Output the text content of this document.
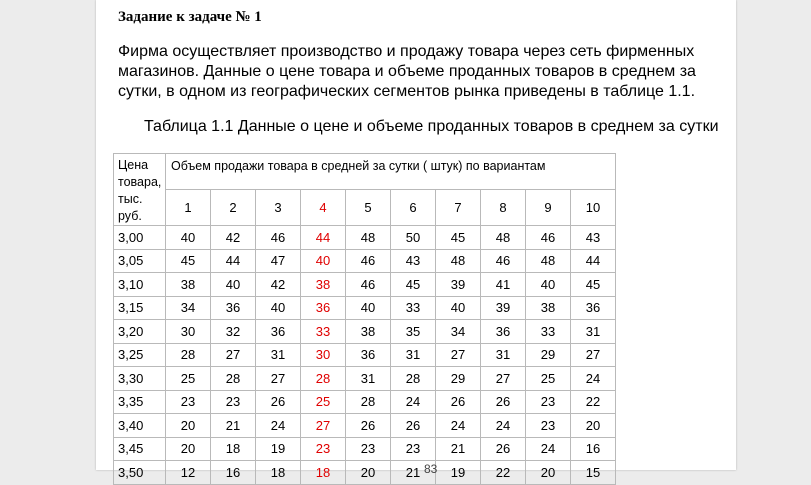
Задание к задаче № 1
Фирма осуществляет производство и продажу товара через сеть фирменных магазинов. Данные о цене товара и объеме проданных товаров в среднем за сутки, в одном из географических сегментов рынка приведены в таблице 1.1.
Таблица 1.1 Данные о цене и объеме проданных товаров в среднем за сутки
Цена товара, тыс. руб.	Объем продажи товара в средней за сутки ( штук) по вариантам									
	1	2	3	4	5	6	7	8	9	10
3,00	40	42	46	44	48	50	45	48	46	43
3,05	45	44	47	40	46	43	48	46	48	44
3,10	38	40	42	38	46	45	39	41	40	45
3,15	34	36	40	36	40	33	40	39	38	36
3,20	30	32	36	33	38	35	34	36	33	31
3,25	28	27	31	30	36	31	27	31	29	27
3,30	25	28	27	28	31	28	29	27	25	24
3,35	23	23	26	25	28	24	26	26	23	22
3,40	20	21	24	27	26	26	24	24	23	20
3,45	20	18	19	23	23	23	21	26	24	16
3,50	12	16	18	18	20	21	19	22	20	15
83
